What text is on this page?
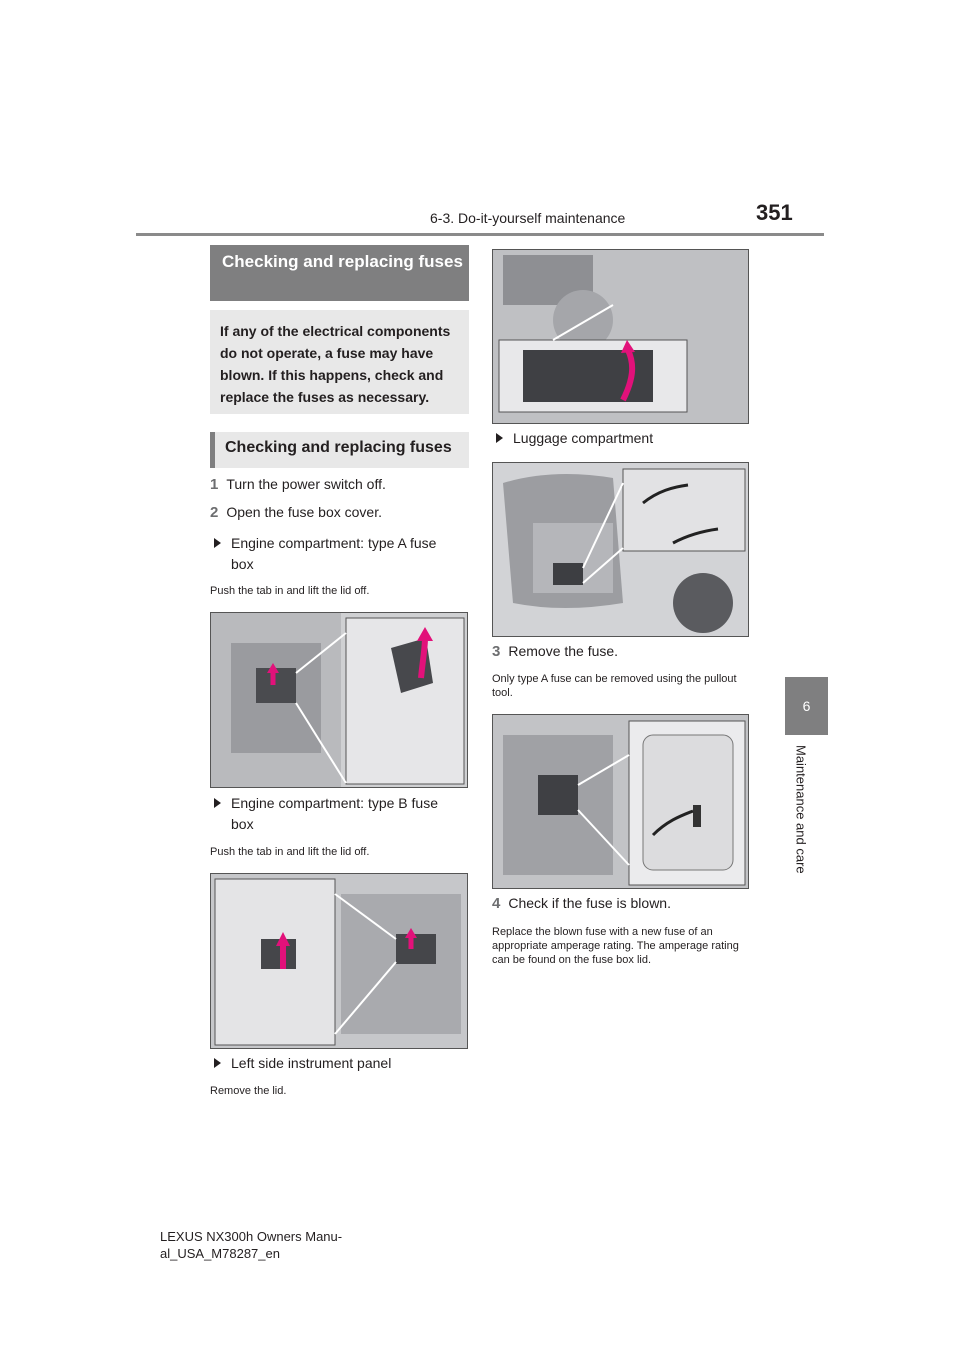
6-3. Do-it-yourself maintenance	351
6
Maintenance and care
Checking and replacing fuses
If any of the electrical components do not operate, a fuse may have blown. If this happens, check and replace the fuses as necessary.
Checking and replacing fuses
1 Turn the power switch off.
2 Open the fuse box cover.
Engine compartment: type A fuse box
Push the tab in and lift the lid off.
Engine compartment: type B fuse box
Push the tab in and lift the lid off.
Left side instrument panel
Remove the lid.
Luggage compartment
3 Remove the fuse.
Only type A fuse can be removed using the pullout tool.
4 Check if the fuse is blown.
Replace the blown fuse with a new fuse of an appropriate amperage rating. The amperage rating can be found on the fuse box lid.
LEXUS NX300h Owners Manu-al_USA_M78287_en
